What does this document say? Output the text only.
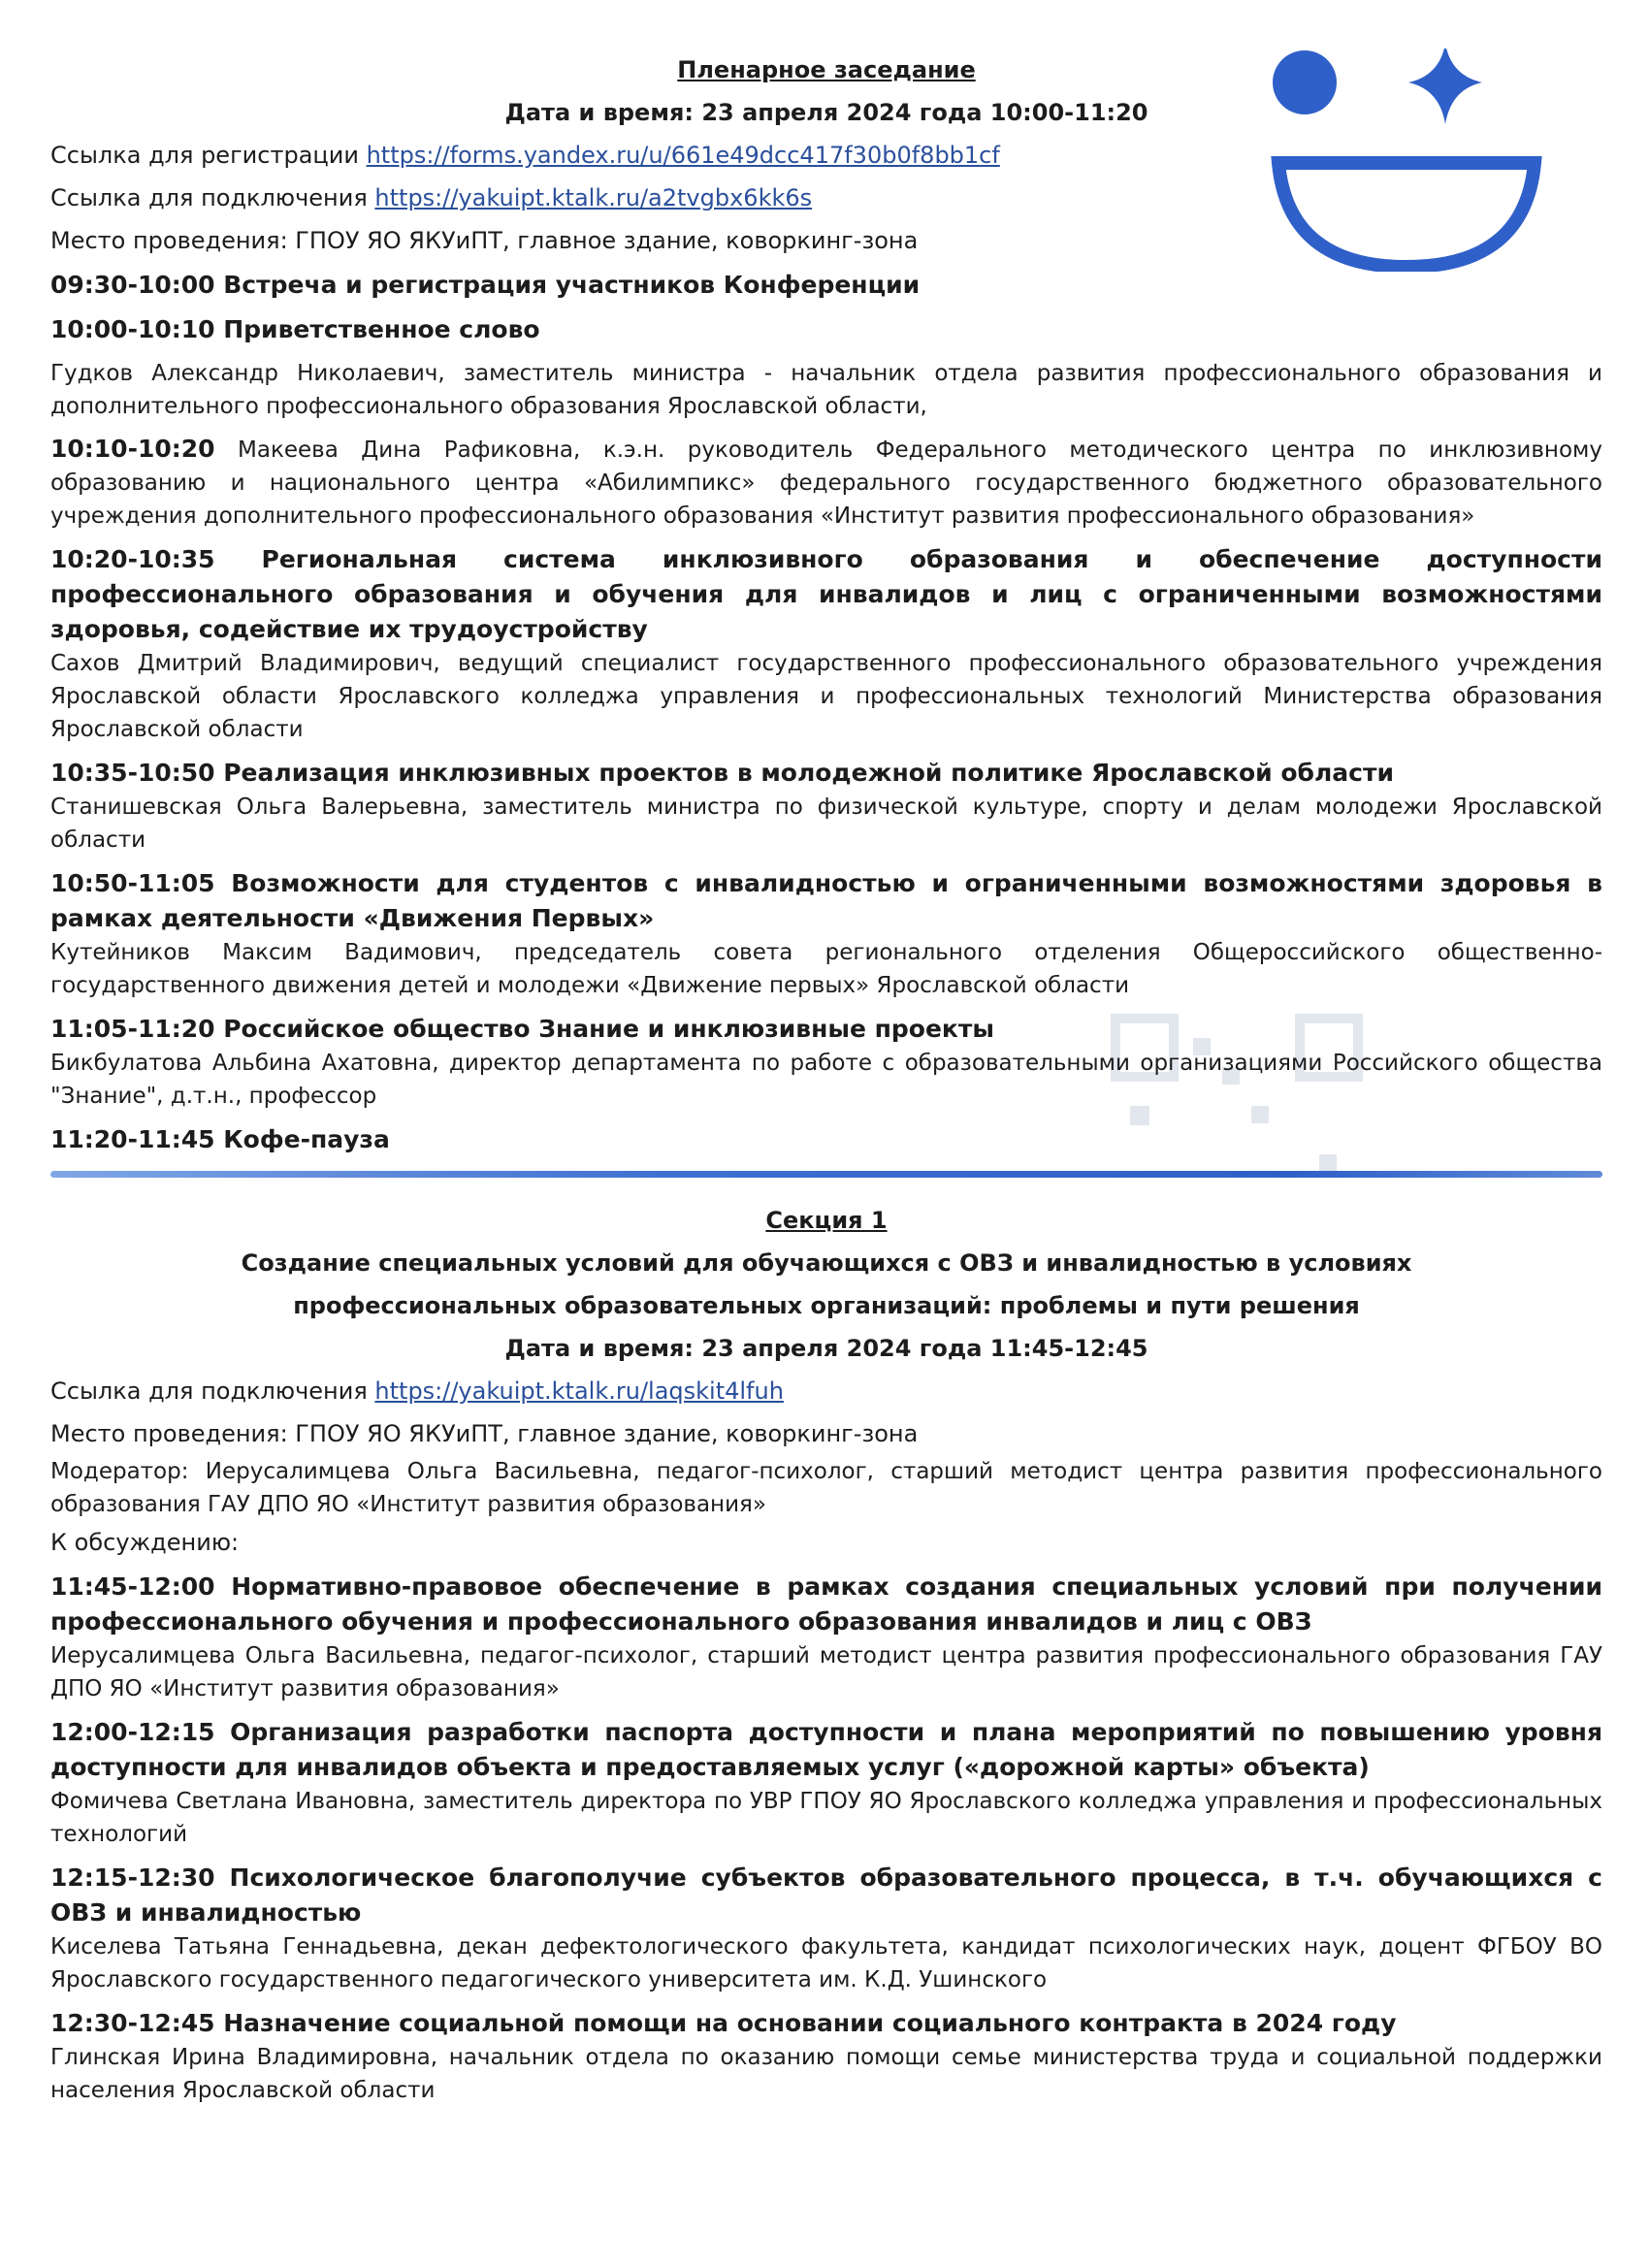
Пленарное заседание

Дата и время: 23 апреля 2024 года 10:00-11:20

Ссылка для регистрации https://forms.yandex.ru/u/661e49dcc417f30b0f8bb1cf

Ссылка для подключения https://yakuipt.ktalk.ru/a2tvgbx6kk6s

Место проведения: ГПОУ ЯО ЯКУиПТ, главное здание, коворкинг-зона

09:30-10:00 Встреча и регистрация участников Конференции

10:00-10:10 Приветственное слово

Гудков Александр Николаевич, заместитель министра - начальник отдела развития профессионального образования и дополнительного профессионального образования Ярославской области,

10:10-10:20 Макеева Дина Рафиковна, к.э.н. руководитель Федерального методического центра по инклюзивному образованию и национального центра «Абилимпикс» федерального государственного бюджетного образовательного учреждения дополнительного профессионального образования «Институт развития профессионального образования»

10:20-10:35 Региональная система инклюзивного образования и обеспечение доступности профессионального образования и обучения для инвалидов и лиц с ограниченными возможностями здоровья, содействие их трудоустройству

Сахов Дмитрий Владимирович, ведущий специалист государственного профессионального образовательного учреждения Ярославской области Ярославского колледжа управления и профессиональных технологий Министерства образования Ярославской области

10:35-10:50 Реализация инклюзивных проектов в молодежной политике Ярославской области

Станишевская Ольга Валерьевна, заместитель министра по физической культуре, спорту и делам молодежи Ярославской области

10:50-11:05 Возможности для студентов с инвалидностью и ограниченными возможностями здоровья в рамках деятельности «Движения Первых»

Кутейников Максим Вадимович, председатель совета регионального отделения Общероссийского общественно-государственного движения детей и молодежи «Движение первых» Ярославской области

11:05-11:20 Российское общество Знание и инклюзивные проекты

Бикбулатова Альбина Ахатовна, директор департамента по работе с образовательными организациями Российского общества "Знание", д.т.н., профессор

11:20-11:45 Кофе-пауза

Секция 1

Создание специальных условий для обучающихся с ОВЗ и инвалидностью в условиях

профессиональных образовательных организаций: проблемы и пути решения

Дата и время: 23 апреля 2024 года 11:45-12:45

Ссылка для подключения https://yakuipt.ktalk.ru/laqskit4lfuh

Место проведения: ГПОУ ЯО ЯКУиПТ, главное здание, коворкинг-зона

Модератор: Иерусалимцева Ольга Васильевна, педагог-психолог, старший методист центра развития профессионального образования ГАУ ДПО ЯО «Институт развития образования»

К обсуждению:

11:45-12:00 Нормативно-правовое обеспечение в рамках создания специальных условий при получении профессионального обучения и профессионального образования инвалидов и лиц с ОВЗ

Иерусалимцева Ольга Васильевна, педагог-психолог, старший методист центра развития профессионального образования ГАУ ДПО ЯО «Институт развития образования»

12:00-12:15 Организация разработки паспорта доступности и плана мероприятий по повышению уровня доступности для инвалидов объекта и предоставляемых услуг («дорожной карты» объекта)

Фомичева Светлана Ивановна, заместитель директора по УВР ГПОУ ЯО Ярославского колледжа управления и профессиональных технологий

12:15-12:30 Психологическое благополучие субъектов образовательного процесса, в т.ч. обучающихся с ОВЗ и инвалидностью

Киселева Татьяна Геннадьевна, декан дефектологического факультета, кандидат психологических наук, доцент ФГБОУ ВО Ярославского государственного педагогического университета им. К.Д. Ушинского

12:30-12:45 Назначение социальной помощи на основании социального контракта в 2024 году

Глинская Ирина Владимировна, начальник отдела по оказанию помощи семье министерства труда и социальной поддержки населения Ярославской области
